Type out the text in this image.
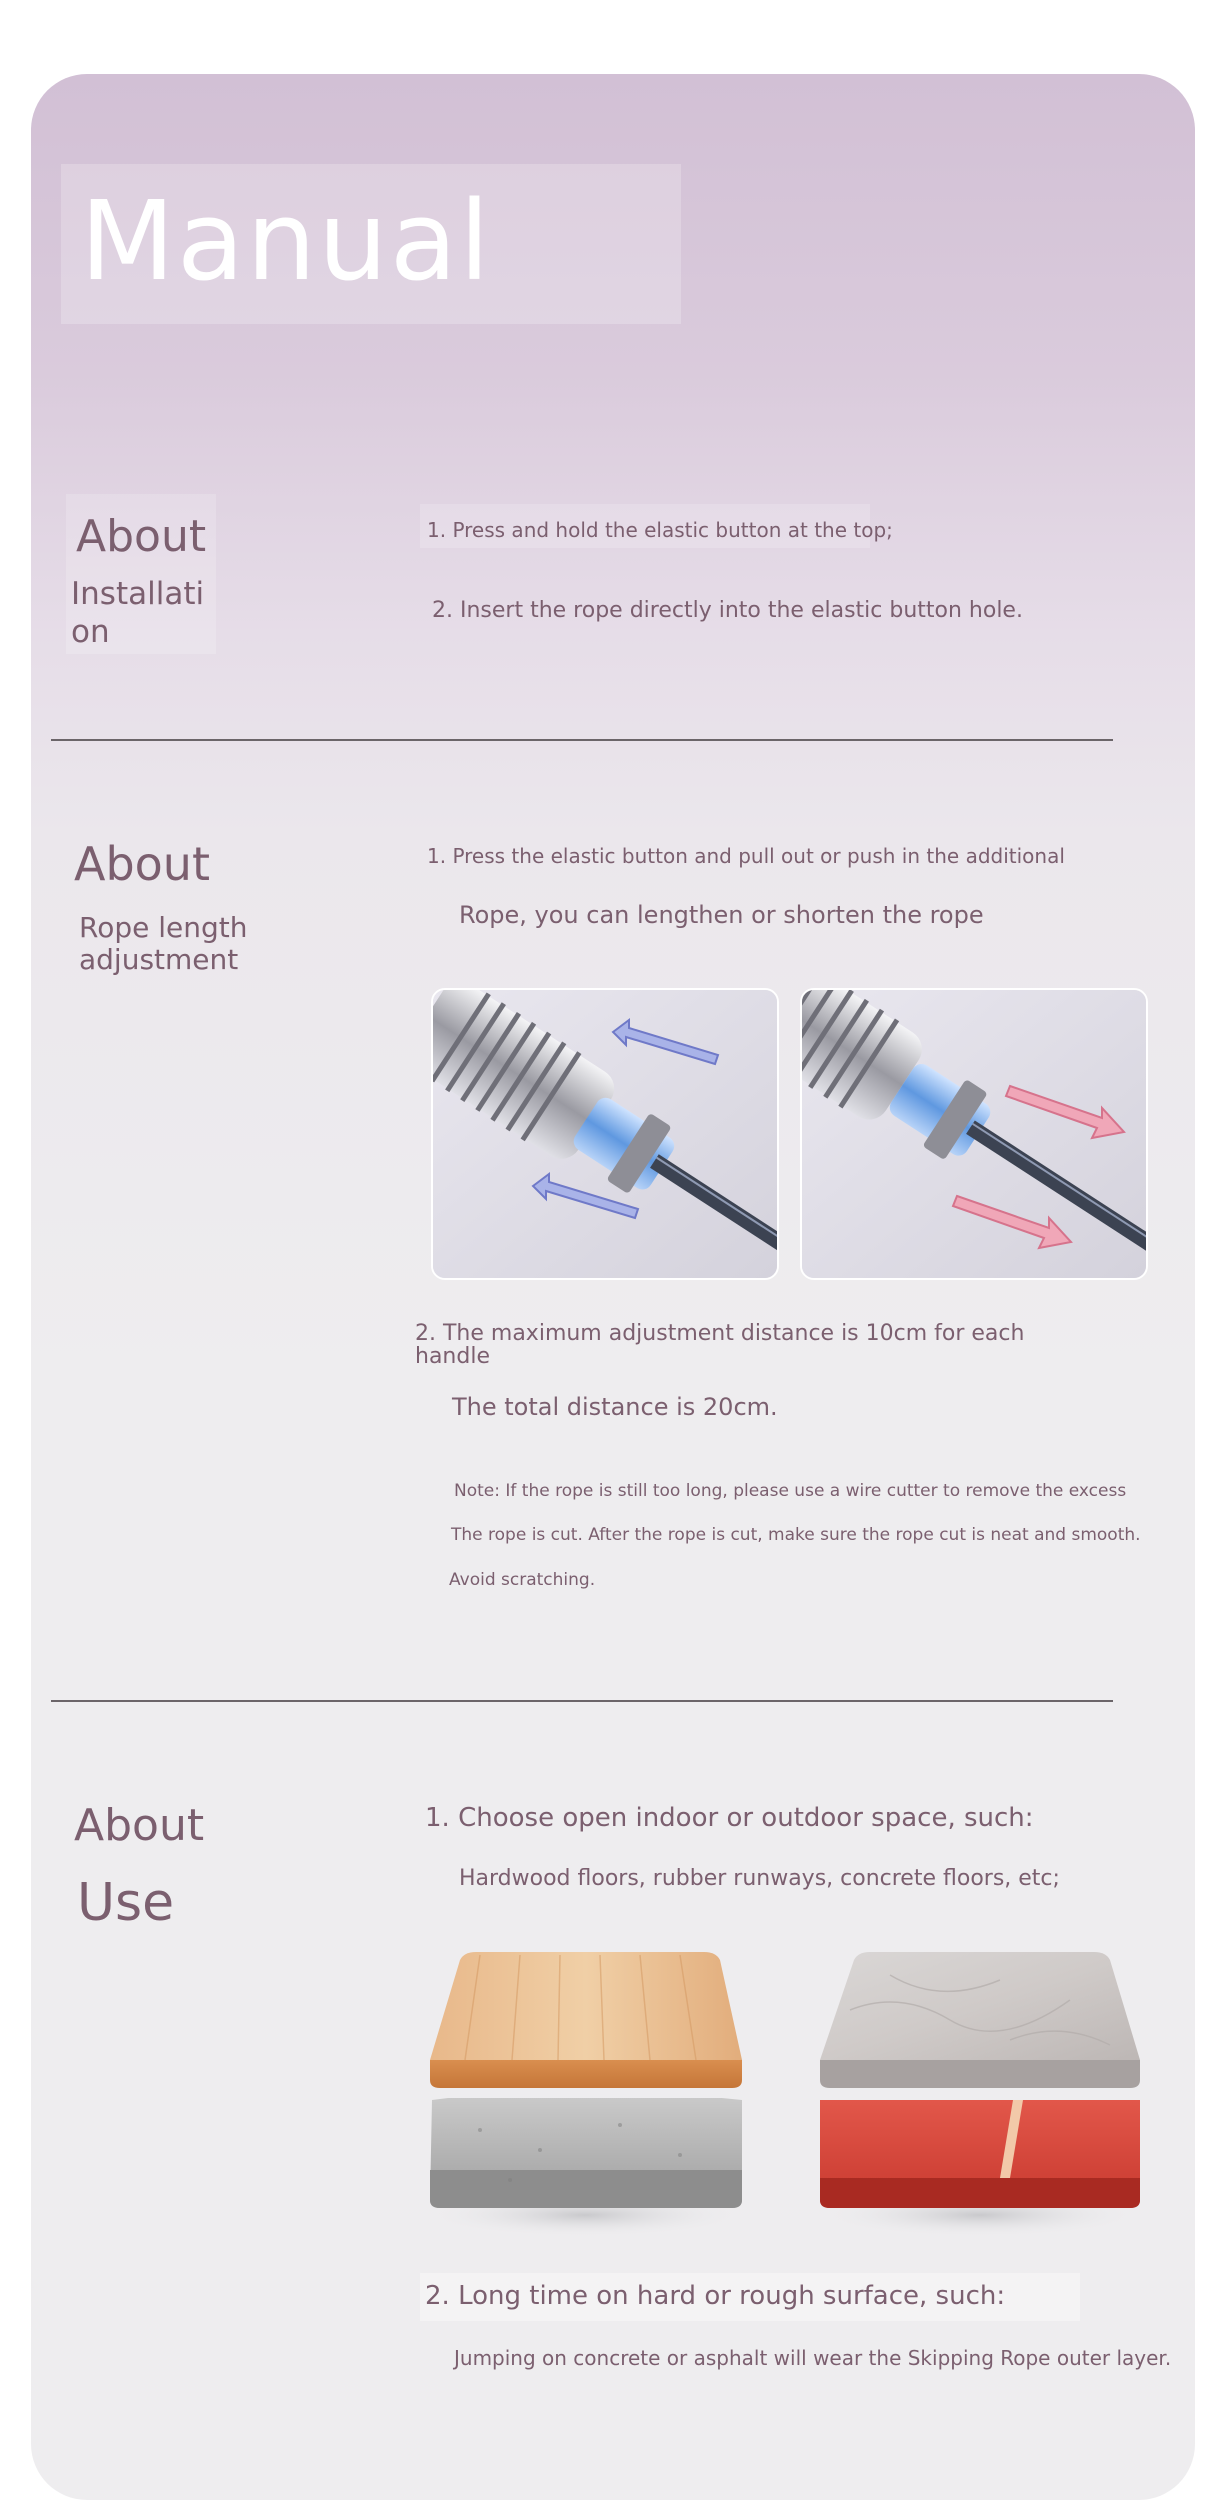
Manual
About
Installati
on
1. Press and hold the elastic button at the top;
2. Insert the rope directly into the elastic button hole.
About
Rope length
adjustment
1. Press the elastic button and pull out or push in the additional
Rope, you can lengthen or shorten the rope
2. The maximum adjustment distance is 10cm for each
handle
The total distance is 20cm.
Note: If the rope is still too long, please use a wire cutter to remove the excess
The rope is cut. After the rope is cut, make sure the rope cut is neat and smooth.
Avoid scratching.
About
Use
1. Choose open indoor or outdoor space, such:
Hardwood floors, rubber runways, concrete floors, etc;
2. Long time on hard or rough surface, such:
Jumping on concrete or asphalt will wear the Skipping Rope outer layer.
